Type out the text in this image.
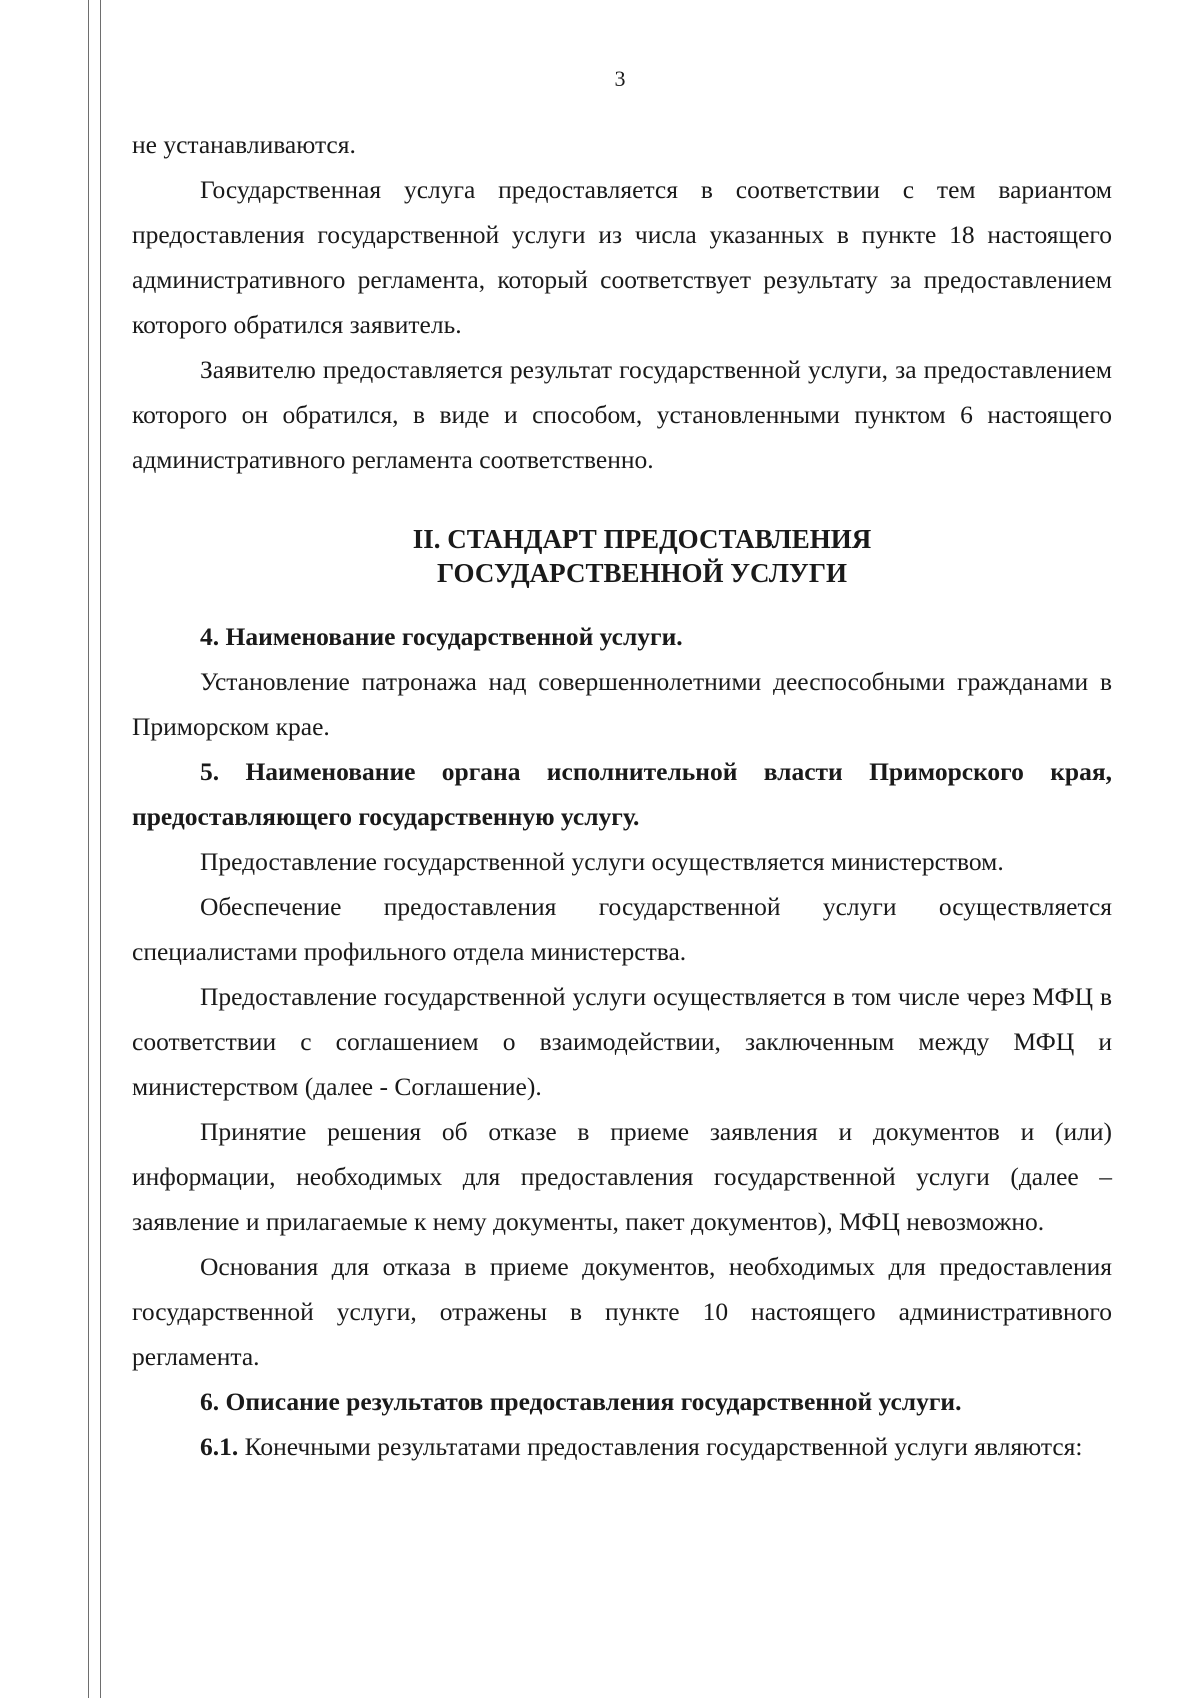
3

не устанавливаются.

Государственная услуга предоставляется в соответствии с тем вариантом предоставления государственной услуги из числа указанных в пункте 18 настоящего административного регламента, который соответствует результату за предоставлением которого обратился заявитель.

Заявителю предоставляется результат государственной услуги, за предоставлением которого он обратился, в виде и способом, установленными пунктом 6 настоящего административного регламента соответственно.

II. СТАНДАРТ ПРЕДОСТАВЛЕНИЯ
ГОСУДАРСТВЕННОЙ УСЛУГИ

4. Наименование государственной услуги.

Установление патронажа над совершеннолетними дееспособными гражданами в Приморском крае.

5. Наименование органа исполнительной власти Приморского края, предоставляющего государственную услугу.

Предоставление государственной услуги осуществляется министерством.

Обеспечение предоставления государственной услуги осуществляется специалистами профильного отдела министерства.

Предоставление государственной услуги осуществляется в том числе через МФЦ в соответствии с соглашением о взаимодействии, заключенным между МФЦ и министерством (далее - Соглашение).

Принятие решения об отказе в приеме заявления и документов и (или) информации, необходимых для предоставления государственной услуги (далее – заявление и прилагаемые к нему документы, пакет документов), МФЦ невозможно.

Основания для отказа в приеме документов, необходимых для предоставления государственной услуги, отражены в пункте 10 настоящего административного регламента.

6. Описание результатов предоставления государственной услуги.

6.1. Конечными результатами предоставления государственной услуги являются:
